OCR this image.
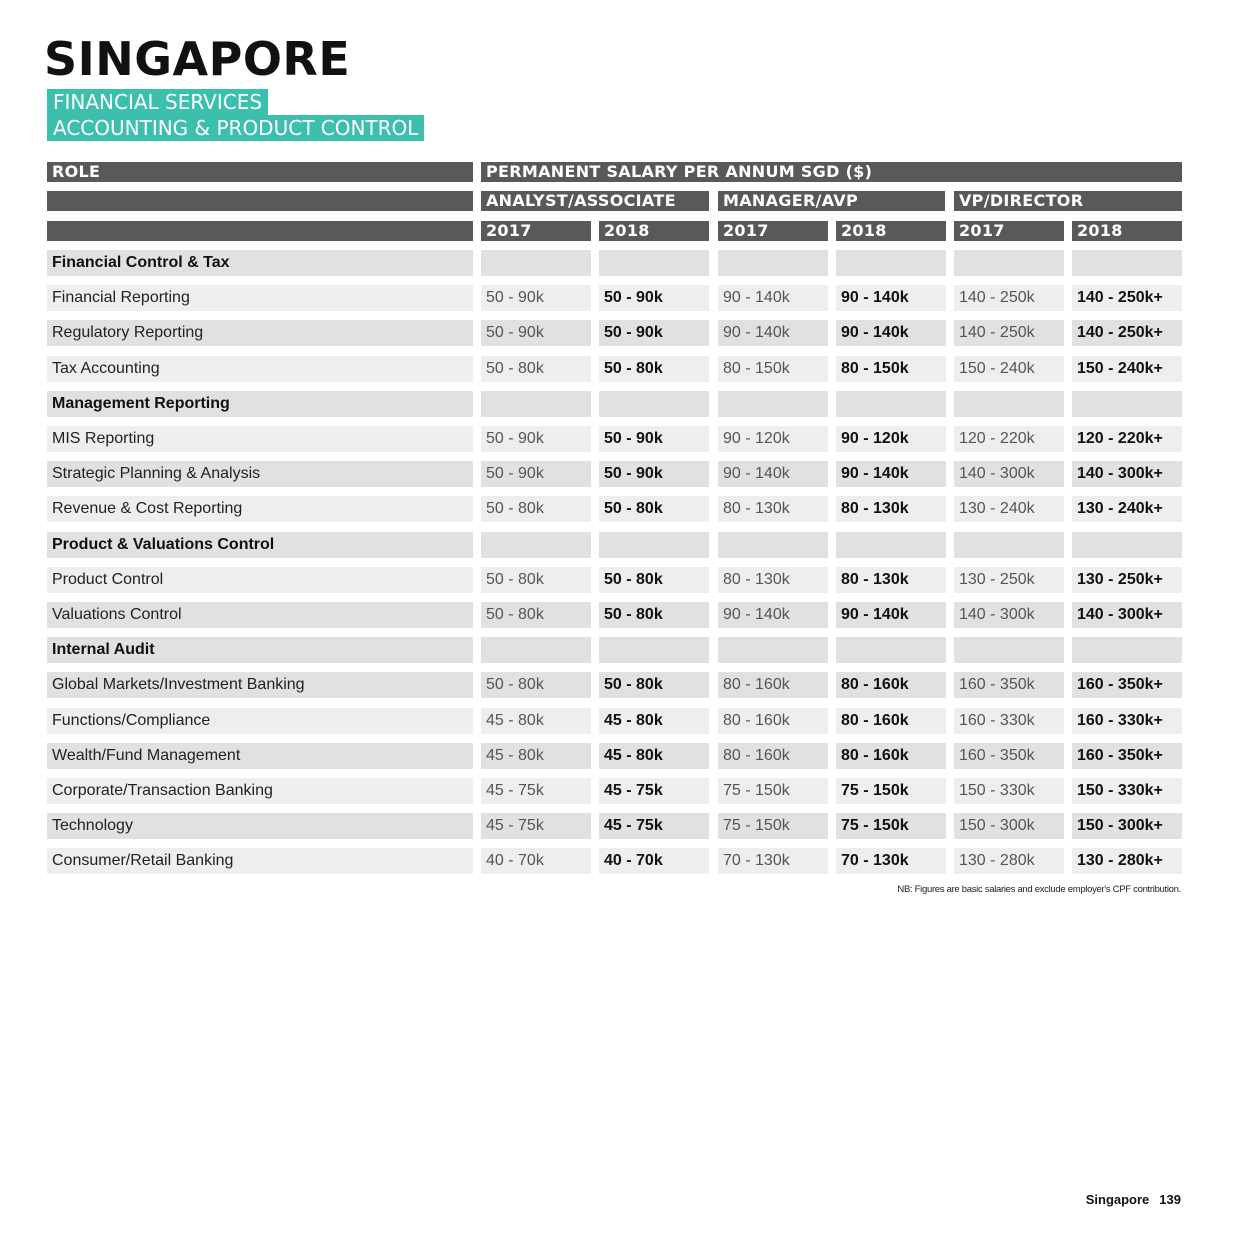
SINGAPORE
FINANCIAL SERVICES
ACCOUNTING & PRODUCT CONTROL
ROLE	PERMANENT SALARY PER ANNUM SGD ($)
ANALYST/ASSOCIATE	MANAGER/AVP	VP/DIRECTOR
2017	2018	2017	2018	2017	2018
Financial Control & Tax
Financial Reporting	50 - 90k	50 - 90k	90 - 140k	90 - 140k	140 - 250k	140 - 250k+
Regulatory Reporting	50 - 90k	50 - 90k	90 - 140k	90 - 140k	140 - 250k	140 - 250k+
Tax Accounting	50 - 80k	50 - 80k	80 - 150k	80 - 150k	150 - 240k	150 - 240k+
Management Reporting
MIS Reporting	50 - 90k	50 - 90k	90 - 120k	90 - 120k	120 - 220k	120 - 220k+
Strategic Planning & Analysis	50 - 90k	50 - 90k	90 - 140k	90 - 140k	140 - 300k	140 - 300k+
Revenue & Cost Reporting	50 - 80k	50 - 80k	80 - 130k	80 - 130k	130 - 240k	130 - 240k+
Product & Valuations Control
Product Control	50 - 80k	50 - 80k	80 - 130k	80 - 130k	130 - 250k	130 - 250k+
Valuations Control	50 - 80k	50 - 80k	90 - 140k	90 - 140k	140 - 300k	140 - 300k+
Internal Audit
Global Markets/Investment Banking	50 - 80k	50 - 80k	80 - 160k	80 - 160k	160 - 350k	160 - 350k+
Functions/Compliance	45 - 80k	45 - 80k	80 - 160k	80 - 160k	160 - 330k	160 - 330k+
Wealth/Fund Management	45 - 80k	45 - 80k	80 - 160k	80 - 160k	160 - 350k	160 - 350k+
Corporate/Transaction Banking	45 - 75k	45 - 75k	75 - 150k	75 - 150k	150 - 330k	150 - 330k+
Technology	45 - 75k	45 - 75k	75 - 150k	75 - 150k	150 - 300k	150 - 300k+
Consumer/Retail Banking	40 - 70k	40 - 70k	70 - 130k	70 - 130k	130 - 280k	130 - 280k+
NB: Figures are basic salaries and exclude employer's CPF contribution.
Singapore 139
